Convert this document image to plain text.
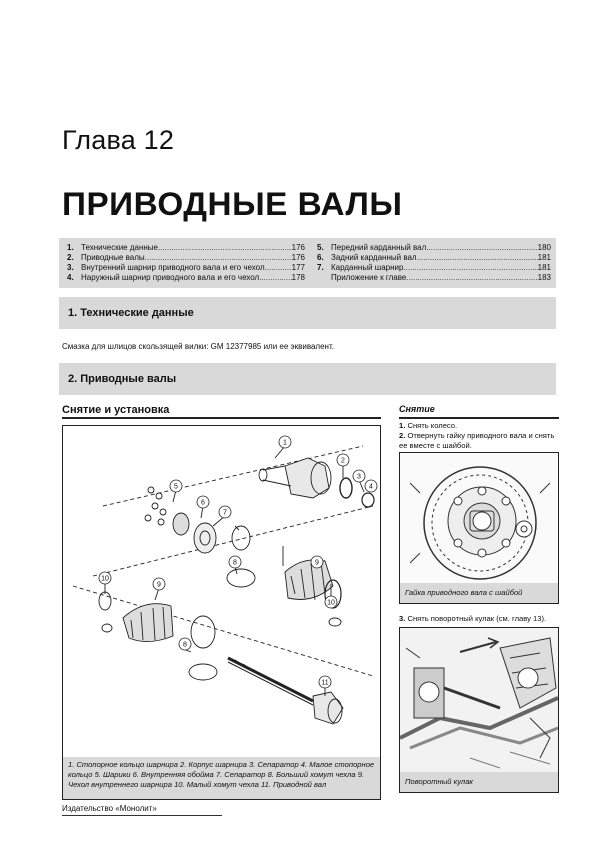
Глава 12
ПРИВОДНЫЕ ВАЛЫ
1. Технические данные .....	176
2. Приводные валы .....	176
3. Внутренний шарнир приводного вала и его чехол .....	177
4. Наружный шарнир приводного вала и его чехол .....	178
5. Передний карданный вал .....	180
6. Задний карданный вал .....	181
7. Карданный шарнир .....	181
Приложение к главе .....	183
1. Технические данные
Смазка для шлицов скользящей вилки: GM 12377985 или ее эквивалент.
2. Приводные валы
Снятие и установка
1
2
3
4
5
6
7
8	9
8
9
10
10
11
1. Стопорное кольцо шарнира 2. Корпус шарнира 3. Сепаратор 4. Малое стопорное кольцо 5. Шарики 6. Внутренняя обойма 7. Сепаратор 8. Больший хомут чехла 9. Чехол внутреннего шарнира 10. Малый хомут чехла 11. Приводной вал
Снятие
1. Снять колесо.
2. Отвернуть гайку приводного вала и снять ее вместе с шайбой.
Гайка приводного вала с шайбой
3. Снять поворотный кулак (см. главу 13).
Поворотный кулак
Издательство «Монолит»
